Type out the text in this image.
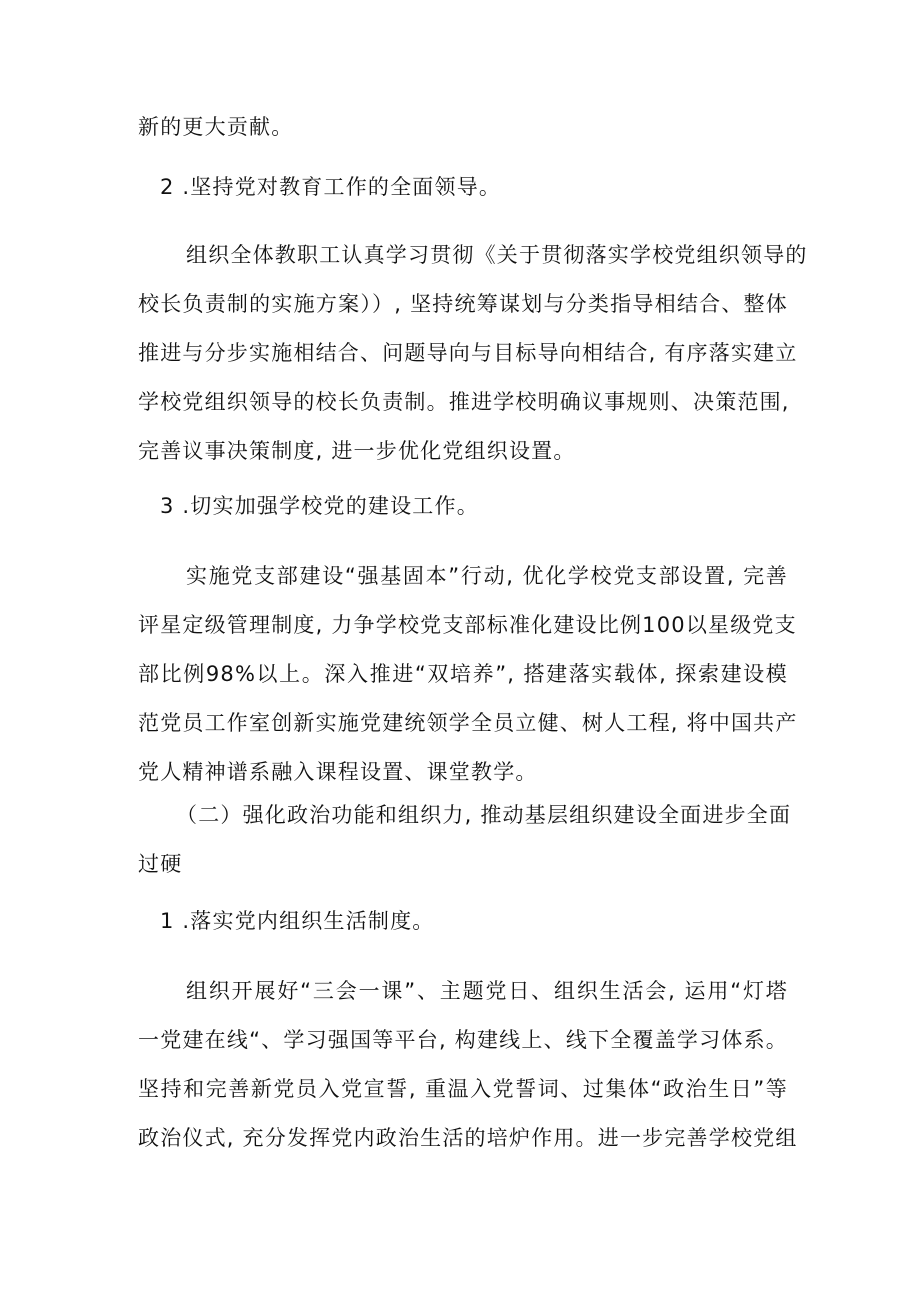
新的更大贡献。
2 .坚持党对教育工作的全面领导。
组织全体教职工认真学习贯彻《关于贯彻落实学校党组织领导的
校长负责制的实施方案））, 坚持统筹谋划与分类指导相结合、整体
推进与分步实施相结合、问题导向与目标导向相结合, 有序落实建立
学校党组织领导的校长负责制。推进学校明确议事规则、决策范围,
完善议事决策制度, 进一步优化党组织设置。
3 .切实加强学校党的建设工作。
实施党支部建设“强基固本”行动, 优化学校党支部设置, 完善
评星定级管理制度, 力争学校党支部标准化建设比例100以星级党支
部比例98%以上。深入推进“双培养”, 搭建落实载体, 探索建设模
范党员工作室创新实施党建统领学全员立健、树人工程, 将中国共产
党人精神谱系融入课程设置、课堂教学。
（二）强化政治功能和组织力, 推动基层组织建设全面进步全面
过硬
1 .落实党内组织生活制度。
组织开展好“三会一课”、主题党日、组织生活会, 运用“灯塔
一党建在线“、学习强国等平台, 构建线上、线下全覆盖学习体系。
坚持和完善新党员入党宣誓, 重温入党誓词、过集体“政治生日”等
政治仪式, 充分发挥党内政治生活的培炉作用。进一步完善学校党组
